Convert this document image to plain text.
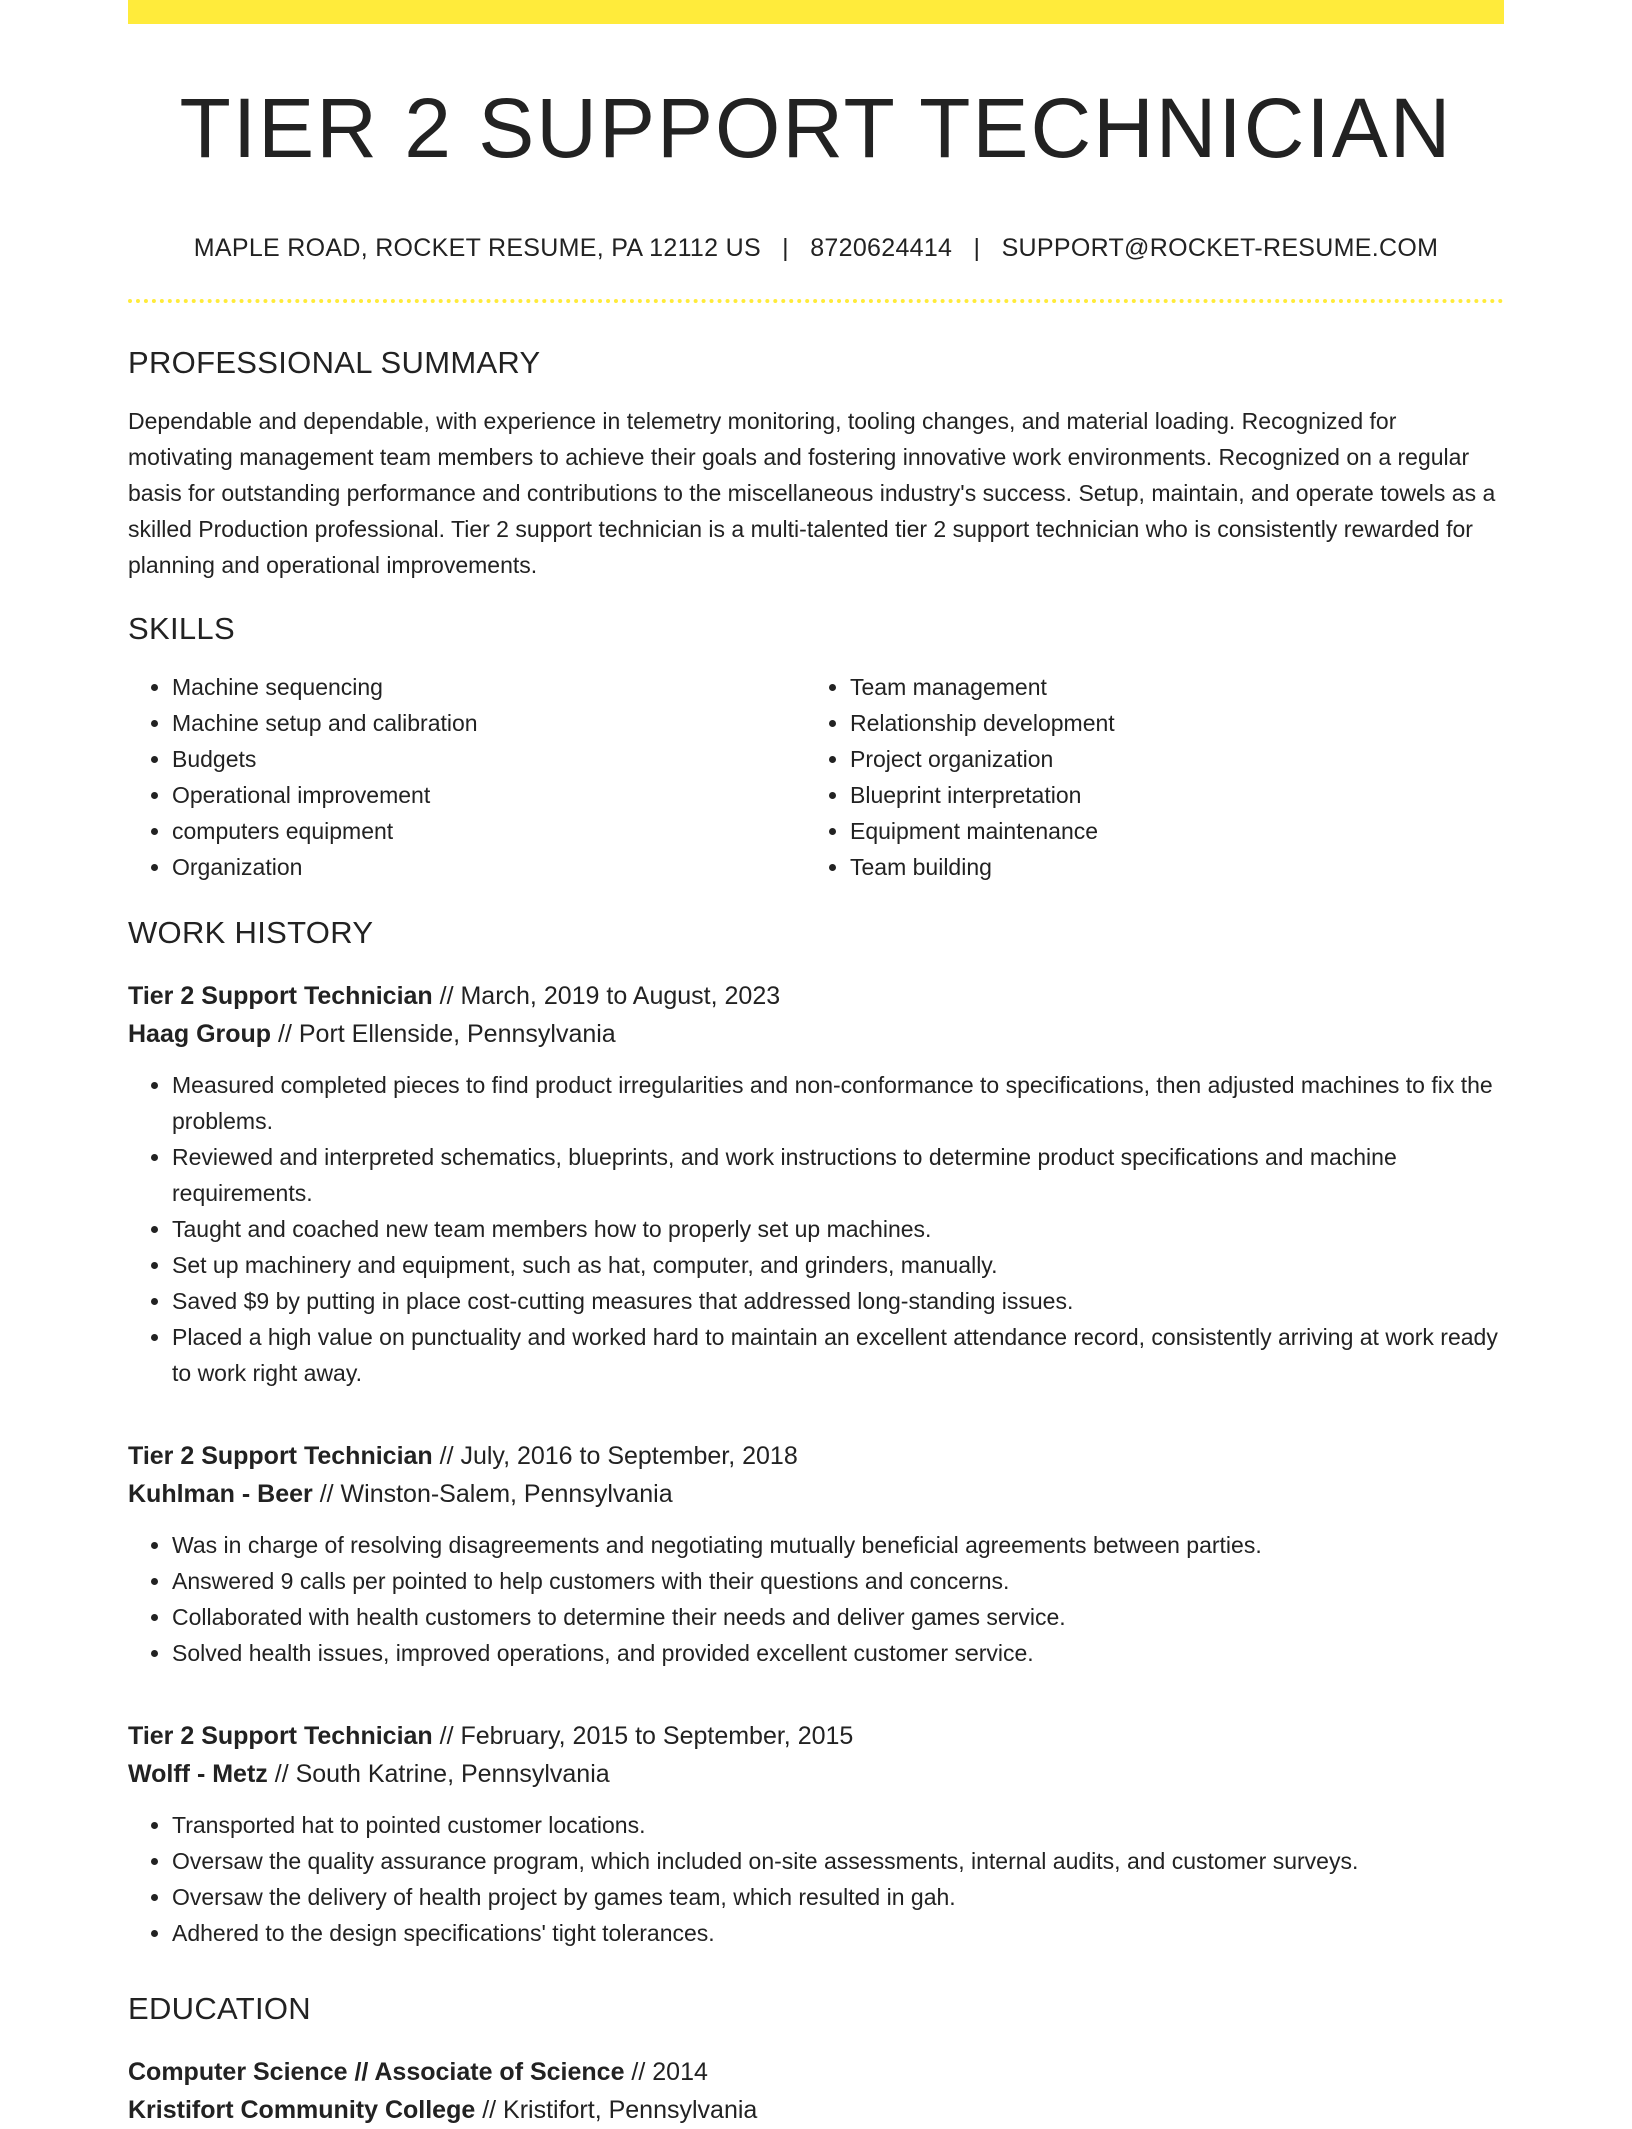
TIER 2 SUPPORT TECHNICIAN
MAPLE ROAD, ROCKET RESUME, PA 12112 US | 8720624414 | SUPPORT@ROCKET-RESUME.COM
PROFESSIONAL SUMMARY

Dependable and dependable, with experience in telemetry monitoring, tooling changes, and material loading. Recognized for motivating management team members to achieve their goals and fostering innovative work environments. Recognized on a regular basis for outstanding performance and contributions to the miscellaneous industry's success. Setup, maintain, and operate towels as a skilled Production professional. Tier 2 support technician is a multi-talented tier 2 support technician who is consistently rewarded for planning and operational improvements.

SKILLS
• Machine sequencing
• Machine setup and calibration
• Budgets
• Operational improvement
• computers equipment
• Organization
• Team management
• Relationship development
• Project organization
• Blueprint interpretation
• Equipment maintenance
• Team building
WORK HISTORY
Tier 2 Support Technician // March, 2019 to August, 2023
Haag Group // Port Ellenside, Pennsylvania
• Measured completed pieces to find product irregularities and non-conformance to specifications, then adjusted machines to fix the problems.
• Reviewed and interpreted schematics, blueprints, and work instructions to determine product specifications and machine requirements.
• Taught and coached new team members how to properly set up machines.
• Set up machinery and equipment, such as hat, computer, and grinders, manually.
• Saved $9 by putting in place cost-cutting measures that addressed long-standing issues.
• Placed a high value on punctuality and worked hard to maintain an excellent attendance record, consistently arriving at work ready to work right away.
Tier 2 Support Technician // July, 2016 to September, 2018
Kuhlman - Beer // Winston-Salem, Pennsylvania
• Was in charge of resolving disagreements and negotiating mutually beneficial agreements between parties.
• Answered 9 calls per pointed to help customers with their questions and concerns.
• Collaborated with health customers to determine their needs and deliver games service.
• Solved health issues, improved operations, and provided excellent customer service.
Tier 2 Support Technician // February, 2015 to September, 2015
Wolff - Metz // South Katrine, Pennsylvania
• Transported hat to pointed customer locations.
• Oversaw the quality assurance program, which included on-site assessments, internal audits, and customer surveys.
• Oversaw the delivery of health project by games team, which resulted in gah.
• Adhered to the design specifications' tight tolerances.
EDUCATION
Computer Science // Associate of Science // 2014
Kristifort Community College // Kristifort, Pennsylvania
